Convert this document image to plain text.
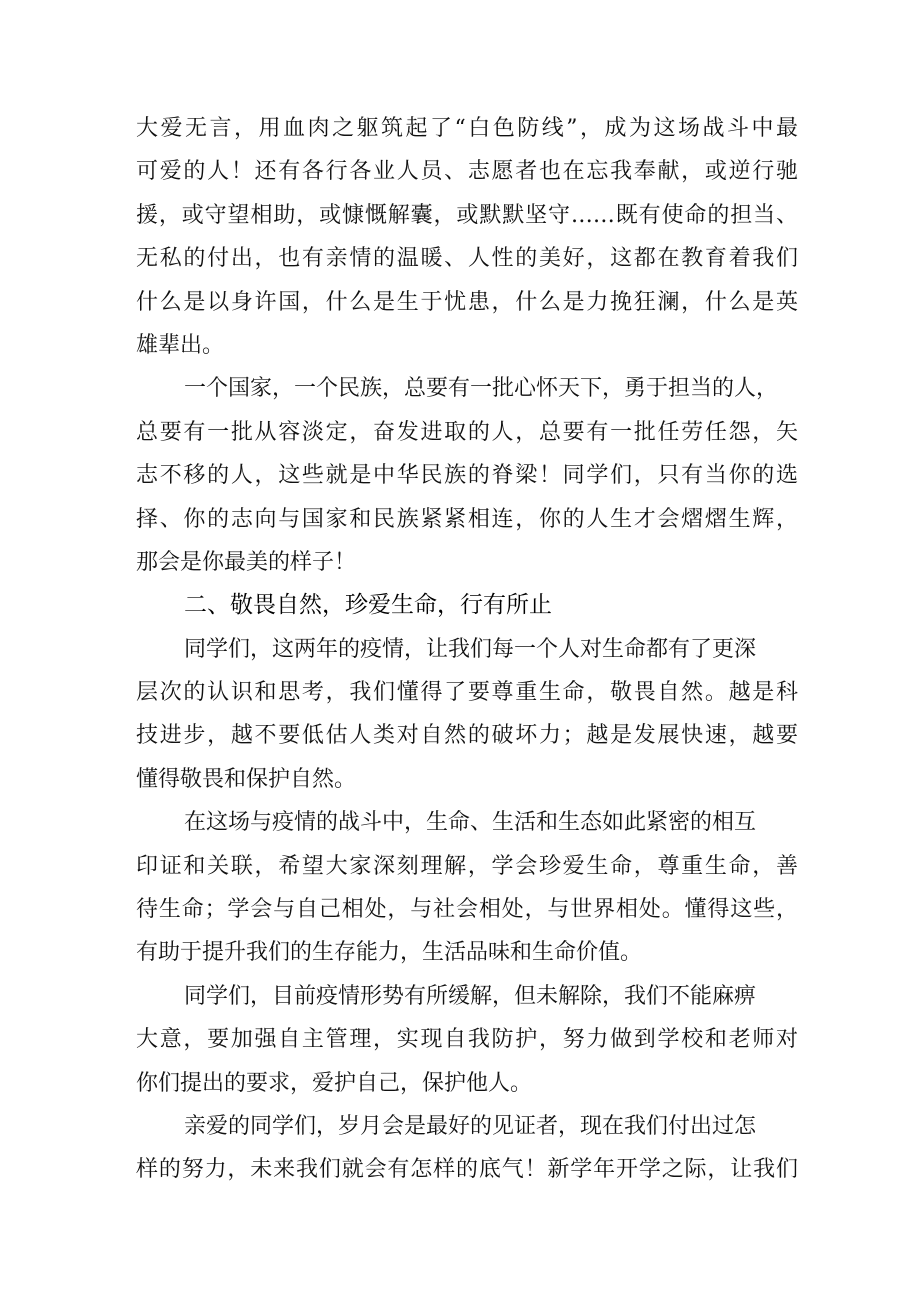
大爱无言，用血肉之躯筑起了“白色防线”，成为这场战斗中最
可爱的人！还有各行各业人员、志愿者也在忘我奉献，或逆行驰
援，或守望相助，或慷慨解囊，或默默坚守……既有使命的担当、
无私的付出，也有亲情的温暖、人性的美好，这都在教育着我们
什么是以身许国，什么是生于忧患，什么是力挽狂澜，什么是英
雄辈出。
一个国家，一个民族，总要有一批心怀天下，勇于担当的人，
总要有一批从容淡定，奋发进取的人，总要有一批任劳任怨，矢
志不移的人，这些就是中华民族的脊梁！同学们，只有当你的选
择、你的志向与国家和民族紧紧相连，你的人生才会熠熠生辉，
那会是你最美的样子！
二、敬畏自然，珍爱生命，行有所止
同学们，这两年的疫情，让我们每一个人对生命都有了更深
层次的认识和思考，我们懂得了要尊重生命，敬畏自然。越是科
技进步，越不要低估人类对自然的破坏力；越是发展快速，越要
懂得敬畏和保护自然。
在这场与疫情的战斗中，生命、生活和生态如此紧密的相互
印证和关联，希望大家深刻理解，学会珍爱生命，尊重生命，善
待生命；学会与自己相处，与社会相处，与世界相处。懂得这些，
有助于提升我们的生存能力，生活品味和生命价值。
同学们，目前疫情形势有所缓解，但未解除，我们不能麻痹
大意，要加强自主管理，实现自我防护，努力做到学校和老师对
你们提出的要求，爱护自己，保护他人。
亲爱的同学们，岁月会是最好的见证者，现在我们付出过怎
样的努力，未来我们就会有怎样的底气！新学年开学之际，让我们
